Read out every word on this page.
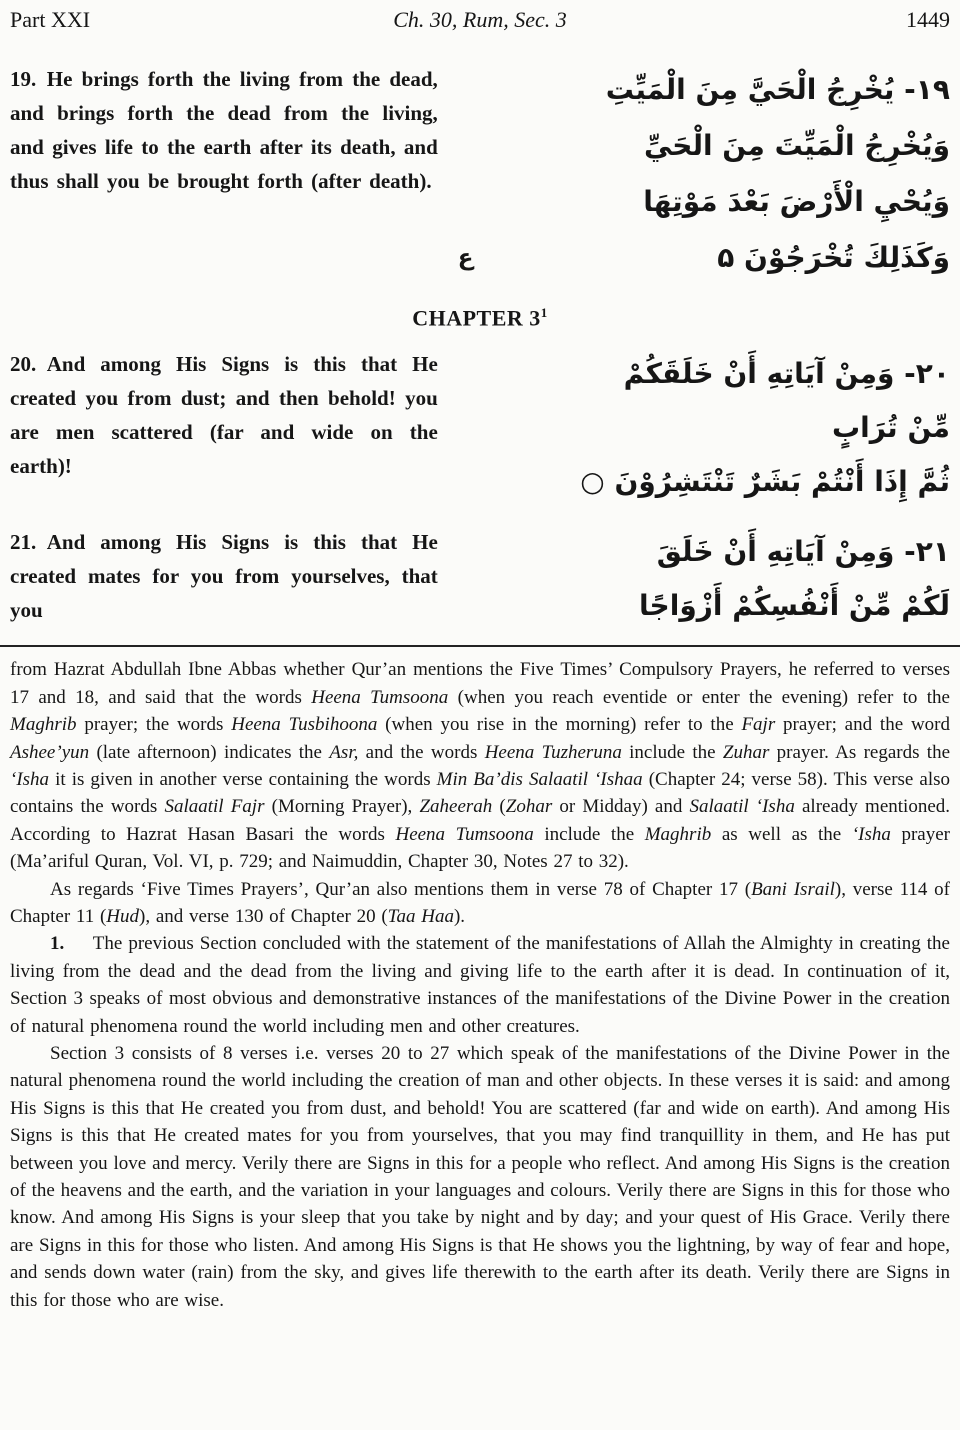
Part XXI	Ch. 30, Rum, Sec. 3	1449
19. He brings forth the living from the dead, and brings forth the dead from the living, and gives life to the earth after its death, and thus shall you be brought forth (after death).
۱۹- يُخْرِجُ الْحَيَّ مِنَ الْمَيِّتِ
وَيُخْرِجُ الْمَيِّتَ مِنَ الْحَيِّ
وَيُحْيِ الْأَرْضَ بَعْدَ مَوْتِهَا
وَكَذَلِكَ تُخْرَجُوْنَ ۵
ع
CHAPTER $3^1$
20. And among His Signs is this that He created you from dust; and then behold! you are men scattered (far and wide on the earth)!
۲۰- وَمِنْ آيَاتِهِ أَنْ خَلَقَكُمْ
مِّنْ تُرَابٍ
ثُمَّ إِذَا أَنْتُمْ بَشَرٌ تَنْتَشِرُوْنَ ○
21. And among His Signs is this that He created mates for you from yourselves, that you
۲۱- وَمِنْ آيَاتِهِ أَنْ خَلَقَ
لَكُمْ مِّنْ أَنْفُسِكُمْ أَزْوَاجًا

from Hazrat Abdullah Ibne Abbas whether Qur’an mentions the Five Times’ Compulsory Prayers, he referred to verses 17 and 18, and said that the words Heena Tumsoona (when you reach eventide or enter the evening) refer to the Maghrib prayer; the words Heena Tusbihoona (when you rise in the morning) refer to the Fajr prayer; and the word Ashee’yun (late afternoon) indicates the Asr, and the words Heena Tuzheruna include the Zuhar prayer. As regards the ‘Isha it is given in another verse containing the words Min Ba’dis Salaatil ‘Ishaa (Chapter 24; verse 58). This verse also contains the words Salaatil Fajr (Morning Prayer), Zaheerah (Zohar or Midday) and Salaatil ‘Isha already mentioned. According to Hazrat Hasan Basari the words Heena Tumsoona include the Maghrib as well as the ‘Isha prayer (Ma’ariful Quran, Vol. VI, p. 729; and Naimuddin, Chapter 30, Notes 27 to 32).

As regards ‘Five Times Prayers’, Qur’an also mentions them in verse 78 of Chapter 17 (Bani Israil), verse 114 of Chapter 11 (Hud), and verse 130 of Chapter 20 (Taa Haa).

1.  The previous Section concluded with the statement of the manifestations of Allah the Almighty in creating the living from the dead and the dead from the living and giving life to the earth after it is dead. In continuation of it, Section 3 speaks of most obvious and demonstrative instances of the manifestations of the Divine Power in the creation of natural phenomena round the world including men and other creatures.

Section 3 consists of 8 verses i.e. verses 20 to 27 which speak of the manifestations of the Divine Power in the natural phenomena round the world including the creation of man and other objects. In these verses it is said: and among His Signs is this that He created you from dust, and behold! You are scattered (far and wide on earth). And among His Signs is this that He created mates for you from yourselves, that you may find tranquillity in them, and He has put between you love and mercy. Verily there are Signs in this for a people who reflect. And among His Signs is the creation of the heavens and the earth, and the variation in your languages and colours. Verily there are Signs in this for those who know. And among His Signs is your sleep that you take by night and by day; and your quest of His Grace. Verily there are Signs in this for those who listen. And among His Signs is that He shows you the lightning, by way of fear and hope, and sends down water (rain) from the sky, and gives life therewith to the earth after its death. Verily there are Signs in this for those who are wise.
